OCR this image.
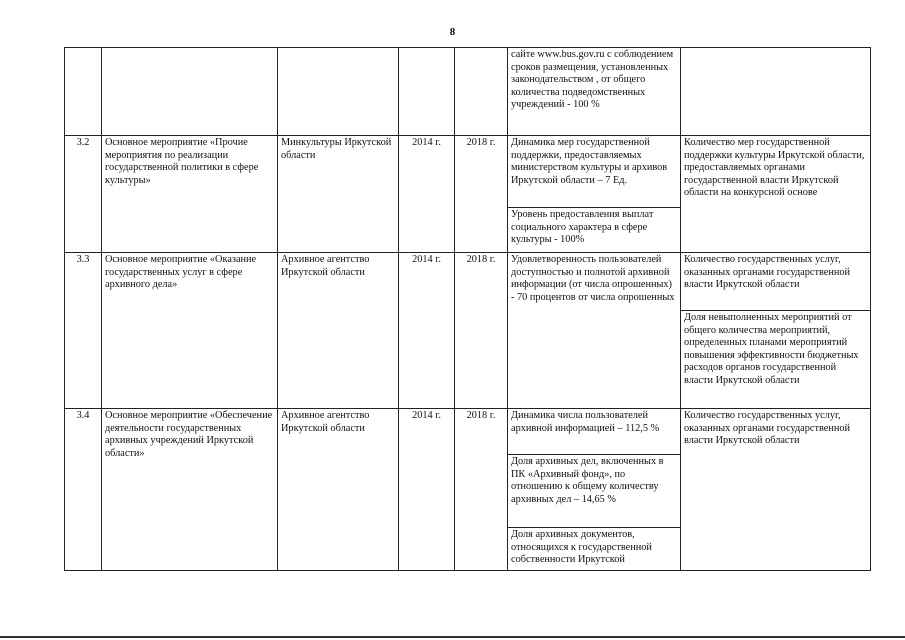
8
					сайте www.bus.gov.ru с соблюдением сроков размещения, установленных законодательством , от общего количества подведомственных учреждений - 100 %	
3.2	Основное мероприятие «Прочие мероприятия по реализации государственной политики в сфере культуры»	Минкультуры Иркутской области	2014 г.	2018 г.	Динамика мер государственной поддержки, предоставляемых министерством культуры и архивов Иркутской области – 7 Ед.	Количество мер государственной поддержки культуры Иркутской области, предоставляемых органами государственной власти Иркутской области на конкурсной основе
					Уровень предоставления выплат социального характера в сфере культуры - 100%	
3.3	Основное мероприятие «Оказание государственных услуг в сфере архивного дела»	Архивное агентство Иркутской области	2014 г.	2018 г.	Удовлетворенность пользователей доступностью и полнотой архивной информации (от числа опрошенных) - 70 процентов от числа опрошенных	Количество государственных услуг, оказанных органами государственной власти Иркутской области
						Доля невыполненных мероприятий от общего количества мероприятий, определенных планами мероприятий повышения эффективности бюджетных расходов органов государственной власти Иркутской области
3.4	Основное мероприятие «Обеспечение деятельности государственных архивных учреждений Иркутской области»	Архивное агентство Иркутской области	2014 г.	2018 г.	Динамика числа пользователей архивной информацией – 112,5 %	Количество государственных услуг, оказанных органами государственной власти Иркутской области
					Доля архивных дел, включенных в ПК «Архивный фонд», по отношению к общему количеству архивных дел – 14,65 %	
					Доля архивных документов, относящихся к государственной собственности Иркутской	
